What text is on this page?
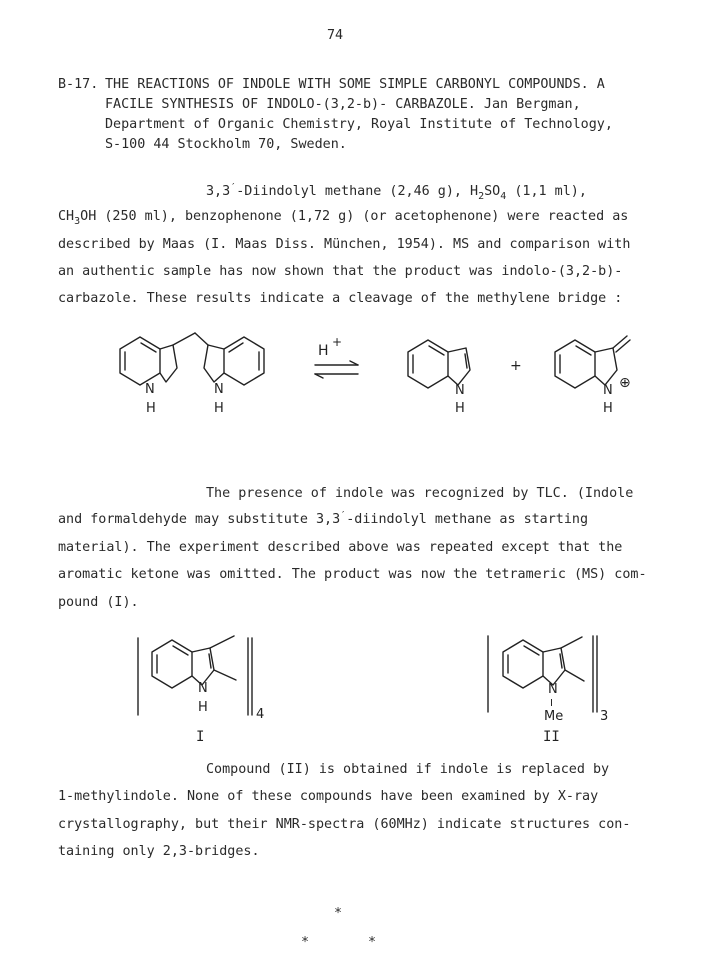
74
B-17. THE REACTIONS OF INDOLE WITH SOME SIMPLE CARBONYL COMPOUNDS. A
FACILE SYNTHESIS OF INDOLO-(3,2-b)- CARBAZOLE. Jan Bergman,
Department of Organic Chemistry, Royal Institute of Technology,
S-100 44 Stockholm 70, Sweden.
3,3′-Diindolyl methane (2,46 g), $H_2SO_4$ (1,1 ml),
$CH_3OH$ (250 ml), benzophenone (1,72 g) (or acetophenone) were reacted as
described by Maas (I. Maas Diss. München, 1954). MS and comparison with
an authentic sample has now shown that the product was indolo-(3,2-b)-
carbazole. These results indicate a cleavage of the methylene bridge :
N
H
N
H
H
+
N
H
+
N ⊕
H
The presence of indole was recognized by TLC. (Indole
and formaldehyde may substitute 3,3′-diindolyl methane as starting
material). The experiment described above was repeated except that the
aromatic ketone was omitted. The product was now the tetrameric (MS) com-
pound (I).
N
H	4
I
N
I
Me	3
II
Compound (II) is obtained if indole is replaced by
1-methylindole. None of these compounds have been examined by X-ray
crystallography, but their NMR-spectra (60MHz) indicate structures con-
taining only 2,3-bridges.
*
*	*
